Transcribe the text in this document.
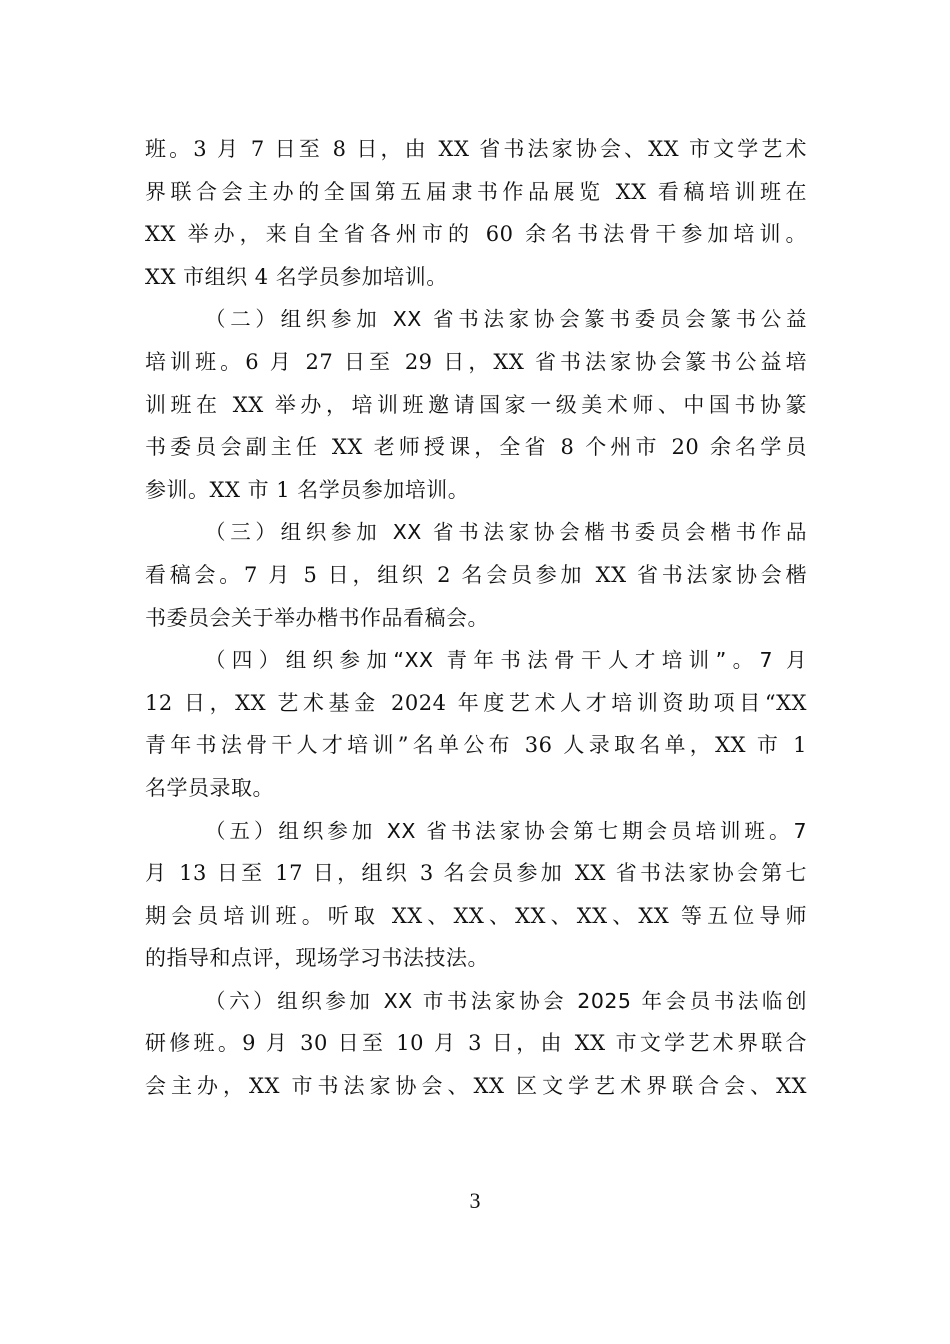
班。3 月 7 日至 8 日，由 XX 省书法家协会、XX 市文学艺术
界联合会主办的全国第五届隶书作品展览 XX 看稿培训班在
XX 举办，来自全省各州市的 60 余名书法骨干参加培训。
XX 市组织 4 名学员参加培训。
（二）组织参加 XX 省书法家协会篆书委员会篆书公益
培训班。6 月 27 日至 29 日，XX 省书法家协会篆书公益培
训班在 XX 举办，培训班邀请国家一级美术师、中国书协篆
书委员会副主任 XX 老师授课，全省 8 个州市 20 余名学员
参训。XX 市 1 名学员参加培训。
（三）组织参加 XX 省书法家协会楷书委员会楷书作品
看稿会。7 月 5 日，组织 2 名会员参加 XX 省书法家协会楷
书委员会关于举办楷书作品看稿会。
（四）组织参加“XX 青年书法骨干人才培训”。7 月
12 日，XX 艺术基金 2024 年度艺术人才培训资助项目“XX
青年书法骨干人才培训”名单公布 36 人录取名单，XX 市 1
名学员录取。
（五）组织参加 XX 省书法家协会第七期会员培训班。7
月 13 日至 17 日，组织 3 名会员参加 XX 省书法家协会第七
期会员培训班。听取 XX、XX、XX、XX、XX 等五位导师
的指导和点评，现场学习书法技法。
（六）组织参加 XX 市书法家协会 2025 年会员书法临创
研修班。9 月 30 日至 10 月 3 日，由 XX 市文学艺术界联合
会主办，XX 市书法家协会、XX 区文学艺术界联合会、XX
3
